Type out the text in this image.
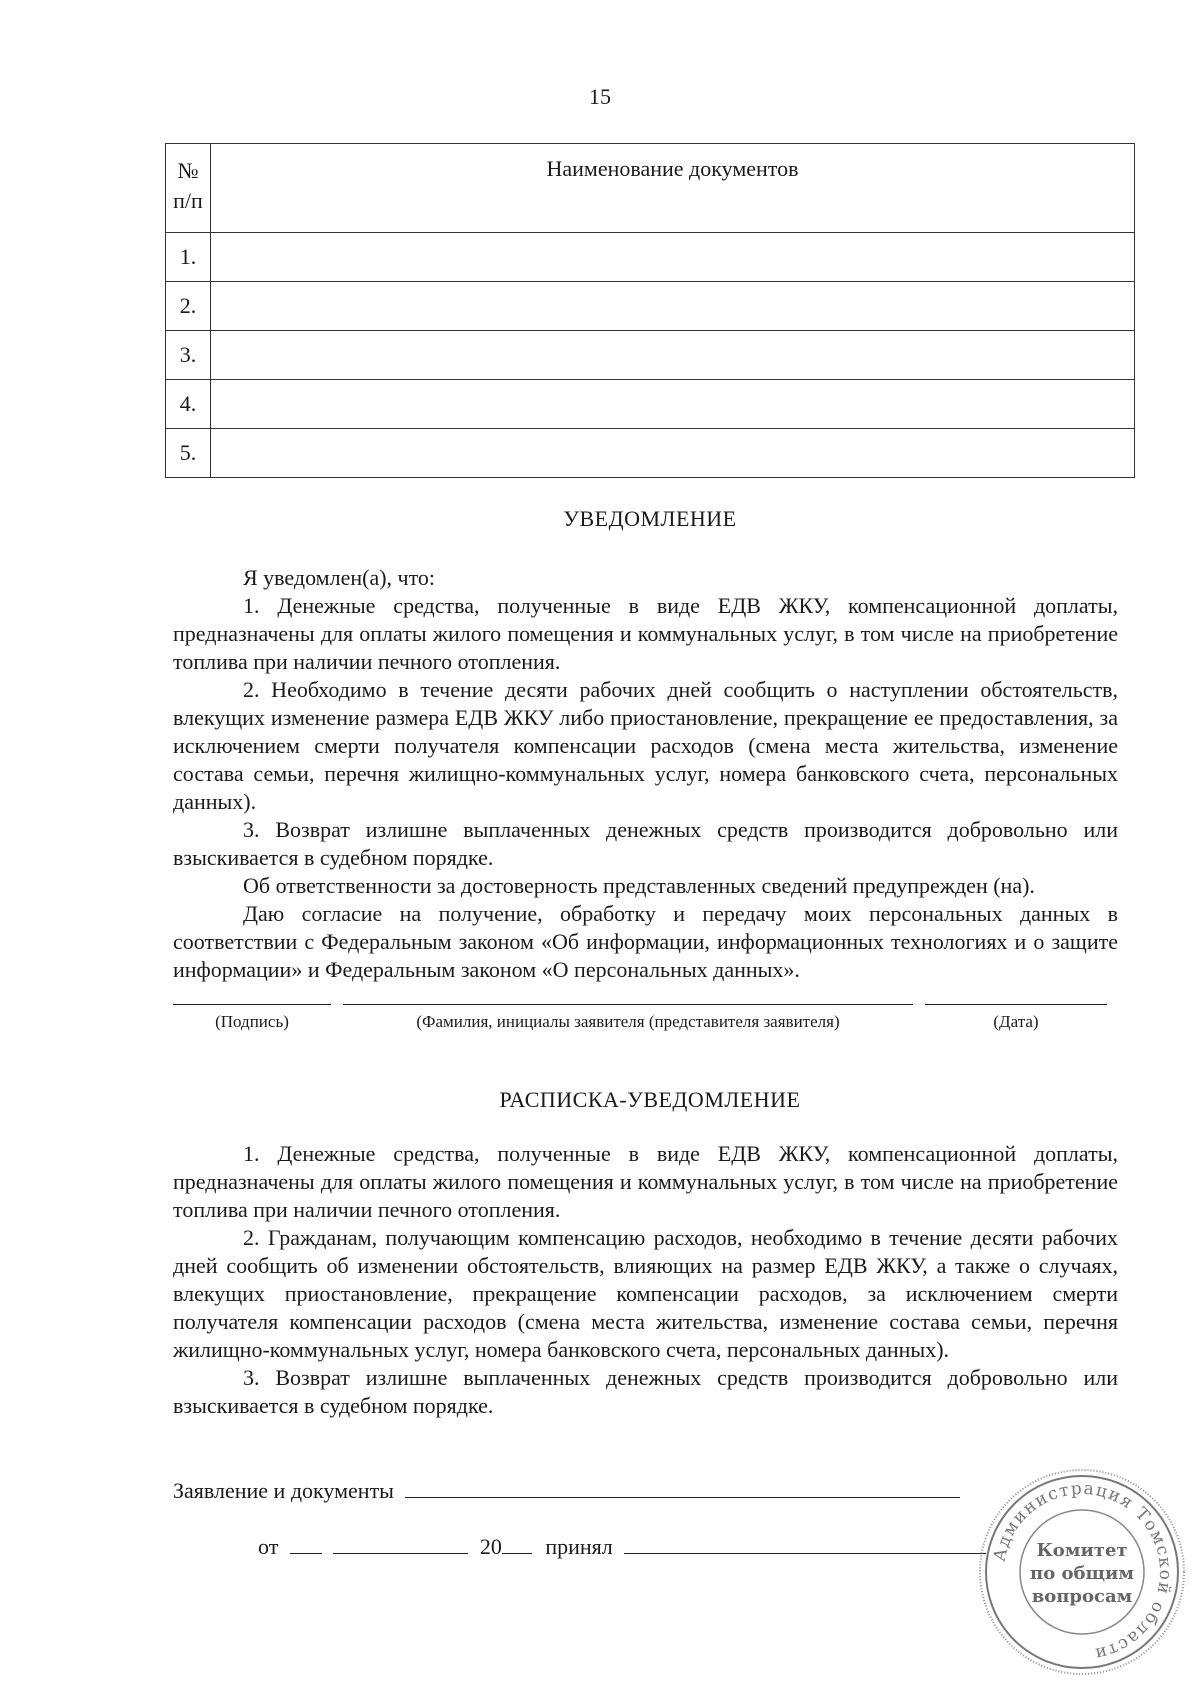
15
№ п/п	Наименование документов
1.	
2.	
3.	
4.	
5.	
УВЕДОМЛЕНИЕ

Я уведомлен(а), что:

1. Денежные средства, полученные в виде ЕДВ ЖКУ, компенсационной доплаты, предназначены для оплаты жилого помещения и коммунальных услуг, в том числе на приобретение топлива при наличии печного отопления.

2. Необходимо в течение десяти рабочих дней сообщить о наступлении обстоятельств, влекущих изменение размера ЕДВ ЖКУ либо приостановление, прекращение ее предоставления, за исключением смерти получателя компенсации расходов (смена места жительства, изменение состава семьи, перечня жилищно-коммунальных услуг, номера банковского счета, персональных данных).

3. Возврат излишне выплаченных денежных средств производится добровольно или взыскивается в судебном порядке.

Об ответственности за достоверность представленных сведений предупрежден (на).

Даю согласие на получение, обработку и передачу моих персональных данных в соответствии с Федеральным законом «Об информации, информационных технологиях и о защите информации» и Федеральным законом «О персональных данных».

(Подпись)	(Фамилия, инициалы заявителя (представителя заявителя)	(Дата)
РАСПИСКА-УВЕДОМЛЕНИЕ

1. Денежные средства, полученные в виде ЕДВ ЖКУ, компенсационной доплаты, предназначены для оплаты жилого помещения и коммунальных услуг, в том числе на приобретение топлива при наличии печного отопления.

2. Гражданам, получающим компенсацию расходов, необходимо в течение десяти рабочих дней сообщить об изменении обстоятельств, влияющих на размер ЕДВ ЖКУ, а также о случаях, влекущих приостановление, прекращение компенсации расходов, за исключением смерти получателя компенсации расходов (смена места жительства, изменение состава семьи, перечня жилищно-коммунальных услуг, номера банковского счета, персональных данных).

3. Возврат излишне выплаченных денежных средств производится добровольно или взыскивается в судебном порядке.

Заявление и документы
от	20 принял	Администрация Томской области
Комитет
по общим
вопросам
